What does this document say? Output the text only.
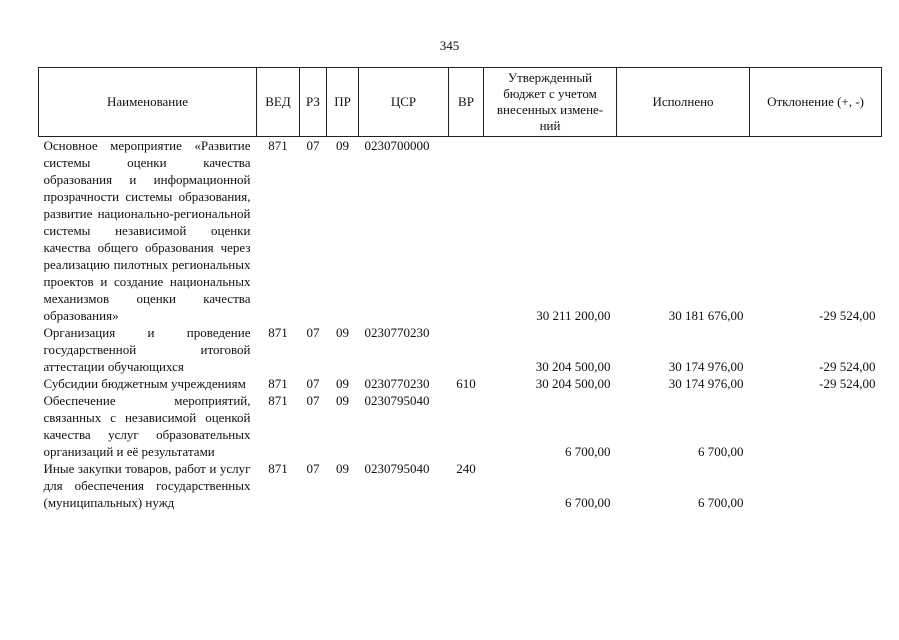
345
Наименование	ВЕД	РЗ	ПР	ЦСР	ВР	Утвержденный бюджет с учетом внесенных измене-ний	Исполнено	Отклонение (+, -)
Основное мероприятие «Развитие системы оценки качества образования и информационной прозрачности системы образования, развитие национально-региональной системы независимой оценки качества общего образования через реализацию пилотных региональных проектов и создание национальных механизмов оценки качества образования»	871	07	09	0230700000		30 211 200,00	30 181 676,00	-29 524,00
Организация и проведение государственной итоговой аттестации обучающихся	871	07	09	0230770230		30 204 500,00	30 174 976,00	-29 524,00
Субсидии бюджетным учреждениям	871	07	09	0230770230	610	30 204 500,00	30 174 976,00	-29 524,00
Обеспечение мероприятий, связанных с независимой оценкой качества услуг образовательных организаций и её результатами	871	07	09	0230795040		6 700,00	6 700,00	
Иные закупки товаров, работ и услуг для обеспечения государственных (муниципальных) нужд	871	07	09	0230795040	240	6 700,00	6 700,00	
